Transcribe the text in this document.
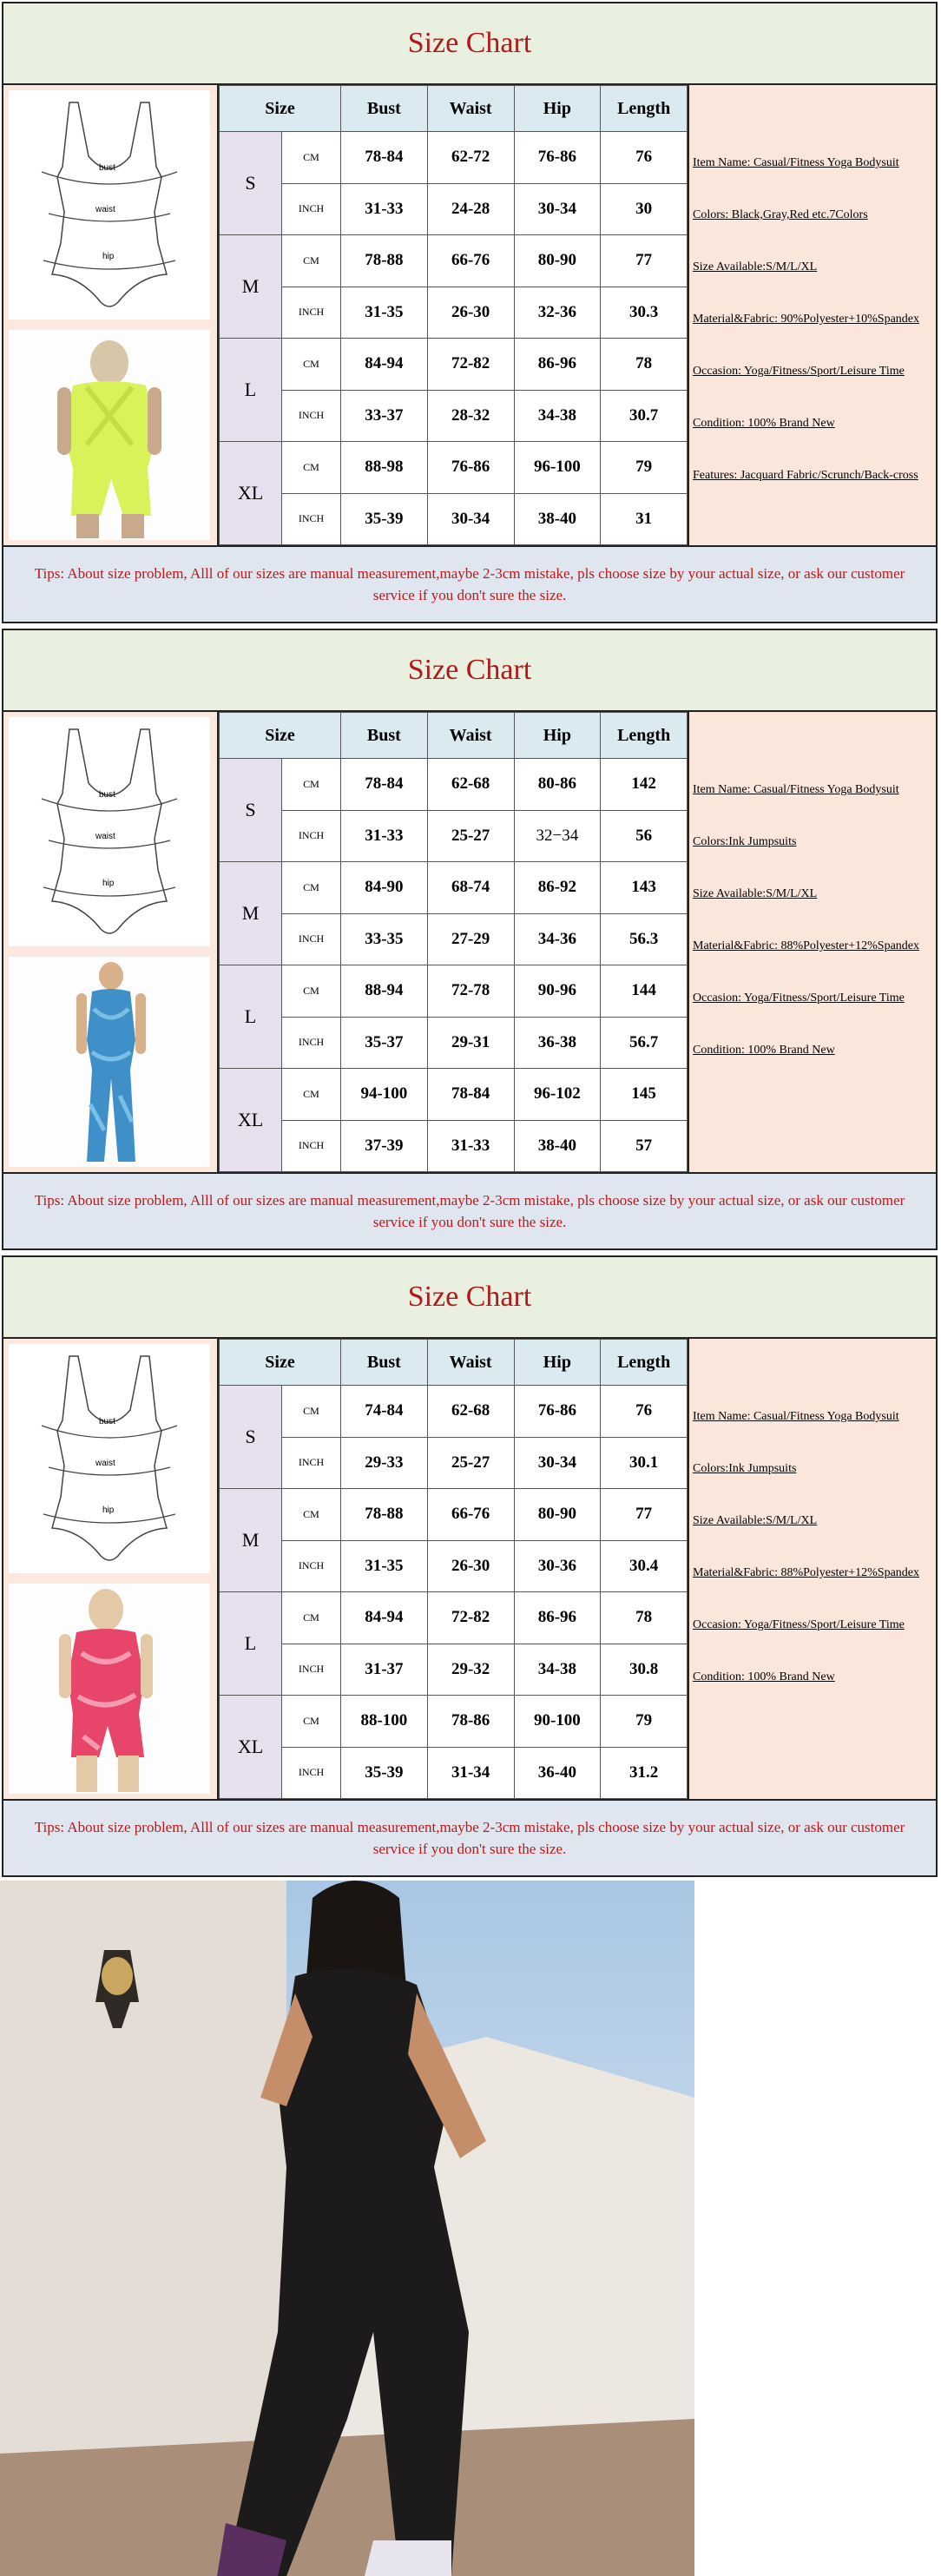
Size Chart
bust
waist
hip
Size		Bust	Waist	Hip	Length
S	CM	78-84	62-72	76-86	76
	INCH	31-33	24-28	30-34	30
M	CM	78-88	66-76	80-90	77
	INCH	31-35	26-30	32-36	30.3
L	CM	84-94	72-82	86-96	78
	INCH	33-37	28-32	34-38	30.7
XL	CM	88-98	76-86	96-100	79
	INCH	35-39	30-34	38-40	31
Item Name: Casual/Fitness Yoga Bodysuit
Colors: Black,Gray,Red etc.7Colors
Size Available:S/M/L/XL
Material&Fabric: 90%Polyester+10%Spandex
Occasion: Yoga/Fitness/Sport/Leisure Time
Condition: 100% Brand New
Features: Jacquard Fabric/Scrunch/Back-cross
Tips: About size problem, Alll of our sizes are manual measurement,maybe 2-3cm mistake, pls choose size by your actual size, or ask our customer service if you don't sure the size.
Size Chart
bust
waist
hip
Size		Bust	Waist	Hip	Length
S	CM	78-84	62-68	80-86	142
	INCH	31-33	25-27	32−34	56
M	CM	84-90	68-74	86-92	143
	INCH	33-35	27-29	34-36	56.3
L	CM	88-94	72-78	90-96	144
	INCH	35-37	29-31	36-38	56.7
XL	CM	94-100	78-84	96-102	145
	INCH	37-39	31-33	38-40	57
Item Name: Casual/Fitness Yoga Bodysuit
Colors:Ink Jumpsuits
Size Available:S/M/L/XL
Material&Fabric: 88%Polyester+12%Spandex
Occasion: Yoga/Fitness/Sport/Leisure Time
Condition: 100% Brand New
Tips: About size problem, Alll of our sizes are manual measurement,maybe 2-3cm mistake, pls choose size by your actual size, or ask our customer service if you don't sure the size.
Size Chart
bust
waist
hip
Size		Bust	Waist	Hip	Length
S	CM	74-84	62-68	76-86	76
	INCH	29-33	25-27	30-34	30.1
M	CM	78-88	66-76	80-90	77
	INCH	31-35	26-30	30-36	30.4
L	CM	84-94	72-82	86-96	78
	INCH	31-37	29-32	34-38	30.8
XL	CM	88-100	78-86	90-100	79
	INCH	35-39	31-34	36-40	31.2
Item Name: Casual/Fitness Yoga Bodysuit
Colors:Ink Jumpsuits
Size Available:S/M/L/XL
Material&Fabric: 88%Polyester+12%Spandex
Occasion: Yoga/Fitness/Sport/Leisure Time
Condition: 100% Brand New
Tips: About size problem, Alll of our sizes are manual measurement,maybe 2-3cm mistake, pls choose size by your actual size, or ask our customer service if you don't sure the size.
